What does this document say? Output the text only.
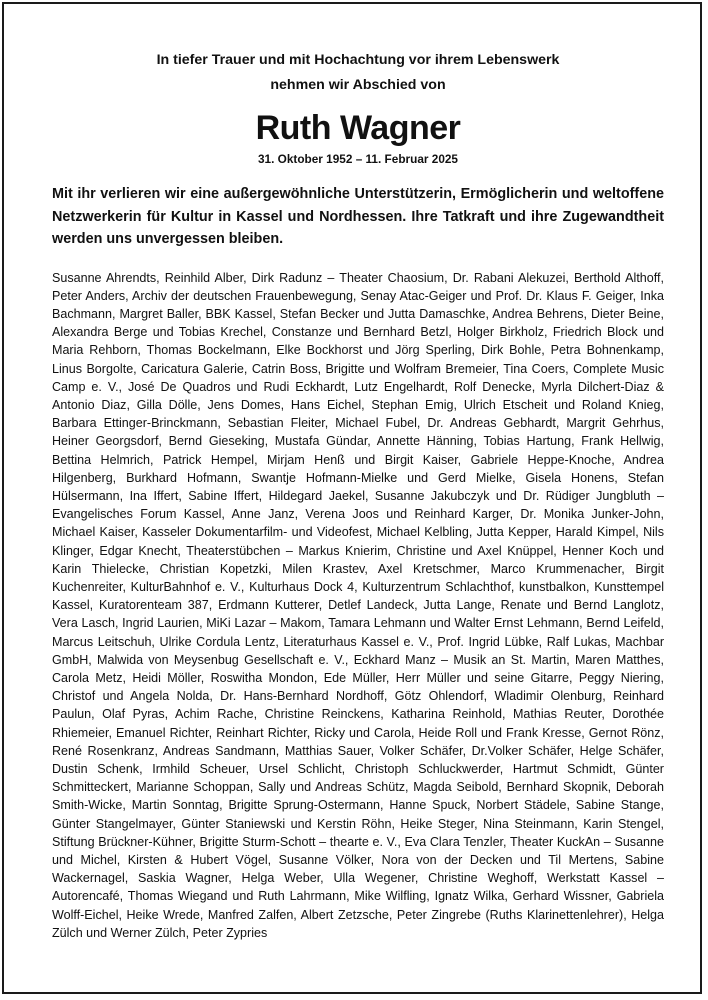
In tiefer Trauer und mit Hochachtung vor ihrem Lebenswerk
nehmen wir Abschied von

Ruth Wagner

31. Oktober 1952 – 11. Februar 2025

Mit ihr verlieren wir eine außergewöhnliche Unterstützerin, Ermöglicherin und weltoffene Netzwerkerin für Kultur in Kassel und Nordhessen. Ihre Tatkraft und ihre Zugewandtheit werden uns unvergessen bleiben.

Susanne Ahrendts, Reinhild Alber, Dirk Radunz – Theater Chaosium, Dr. Rabani Alekuzei, Berthold Althoff, Peter Anders, Archiv der deutschen Frauenbewegung, Senay Atac-Geiger und Prof. Dr. Klaus F. Geiger, Inka Bachmann, Margret Baller, BBK Kassel, Stefan Becker und Jutta Damaschke, Andrea Behrens, Dieter Beine, Alexandra Berge und Tobias Krechel, Constanze und Bernhard Betzl, Holger Birkholz, Friedrich Block und Maria Rehborn, Thomas Bockelmann, Elke Bockhorst und Jörg Sperling, Dirk Bohle, Petra Bohnenkamp, Linus Borgolte, Caricatura Galerie, Catrin Boss, Brigitte und Wolfram Bremeier, Tina Coers, Complete Music Camp e. V., José De Quadros und Rudi Eckhardt, Lutz Engelhardt, Rolf Denecke, Myrla Dilchert-Diaz & Antonio Diaz, Gilla Dölle, Jens Domes, Hans Eichel, Stephan Emig, Ulrich Etscheit und Roland Knieg, Barbara Ettinger-Brinckmann, Sebastian Fleiter, Michael Fubel, Dr. Andreas Gebhardt, Margrit Gehrhus, Heiner Georgsdorf, Bernd Gieseking, Mustafa Gündar, Annette Hänning, Tobias Hartung, Frank Hellwig, Bettina Helmrich, Patrick Hempel, Mirjam Henß und Birgit Kaiser, Gabriele Heppe-Knoche, Andrea Hilgenberg, Burkhard Hofmann, Swantje Hofmann-Mielke und Gerd Mielke, Gisela Honens, Stefan Hülsermann, Ina Iffert, Sabine Iffert, Hildegard Jaekel, Susanne Jakubczyk und Dr. Rüdiger Jungbluth – Evangelisches Forum Kassel, Anne Janz, Verena Joos und Reinhard Karger, Dr. Monika Junker-John, Michael Kaiser, Kasseler Dokumentarfilm- und Videofest, Michael Kelbling, Jutta Kepper, Harald Kimpel, Nils Klinger, Edgar Knecht, Theaterstübchen – Markus Knierim, Christine und Axel Knüppel, Henner Koch und Karin Thielecke, Christian Kopetzki, Milen Krastev, Axel Kretschmer, Marco Krummenacher, Birgit Kuchenreiter, KulturBahnhof e. V., Kulturhaus Dock 4, Kulturzentrum Schlachthof, kunstbalkon, Kunsttempel Kassel, Kuratorenteam 387, Erdmann Kutterer, Detlef Landeck, Jutta Lange, Renate und Bernd Langlotz, Vera Lasch, Ingrid Laurien, MiKi Lazar – Makom, Tamara Lehmann und Walter Ernst Lehmann, Bernd Leifeld, Marcus Leitschuh, Ulrike Cordula Lentz, Literaturhaus Kassel e. V., Prof. Ingrid Lübke, Ralf Lukas, Machbar GmbH, Malwida von Meysenbug Gesellschaft e. V., Eckhard Manz – Musik an St. Martin, Maren Matthes, Carola Metz, Heidi Möller, Roswitha Mondon, Ede Müller, Herr Müller und seine Gitarre, Peggy Niering, Christof und Angela Nolda, Dr. Hans-Bernhard Nordhoff, Götz Ohlendorf, Wladimir Olenburg, Reinhard Paulun, Olaf Pyras, Achim Rache, Christine Reinckens, Katharina Reinhold, Mathias Reuter, Dorothée Rhiemeier, Emanuel Richter, Reinhart Richter, Ricky und Carola, Heide Roll und Frank Kresse, Gernot Rönz, René Rosenkranz, Andreas Sandmann, Matthias Sauer, Volker Schäfer, Dr.Volker Schäfer, Helge Schäfer, Dustin Schenk, Irmhild Scheuer, Ursel Schlicht, Christoph Schluckwerder, Hartmut Schmidt, Günter Schmitteckert, Marianne Schoppan, Sally und Andreas Schütz, Magda Seibold, Bernhard Skopnik, Deborah Smith-Wicke, Martin Sonntag, Brigitte Sprung-Ostermann, Hanne Spuck, Norbert Städele, Sabine Stange, Günter Stangelmayer, Günter Staniewski und Kerstin Röhn, Heike Steger, Nina Steinmann, Karin Stengel, Stiftung Brückner-Kühner, Brigitte Sturm-Schott – thearte e. V., Eva Clara Tenzler, Theater KuckAn – Susanne und Michel, Kirsten & Hubert Vögel, Susanne Völker, Nora von der Decken und Til Mertens, Sabine Wackernagel, Saskia Wagner, Helga Weber, Ulla Wegener, Christine Weghoff, Werkstatt Kassel – Autorencafé, Thomas Wiegand und Ruth Lahrmann, Mike Wilfling, Ignatz Wilka, Gerhard Wissner, Gabriela Wolff-Eichel, Heike Wrede, Manfred Zalfen, Albert Zetzsche, Peter Zingrebe (Ruths Klarinettenlehrer), Helga Zülch und Werner Zülch, Peter Zypries
